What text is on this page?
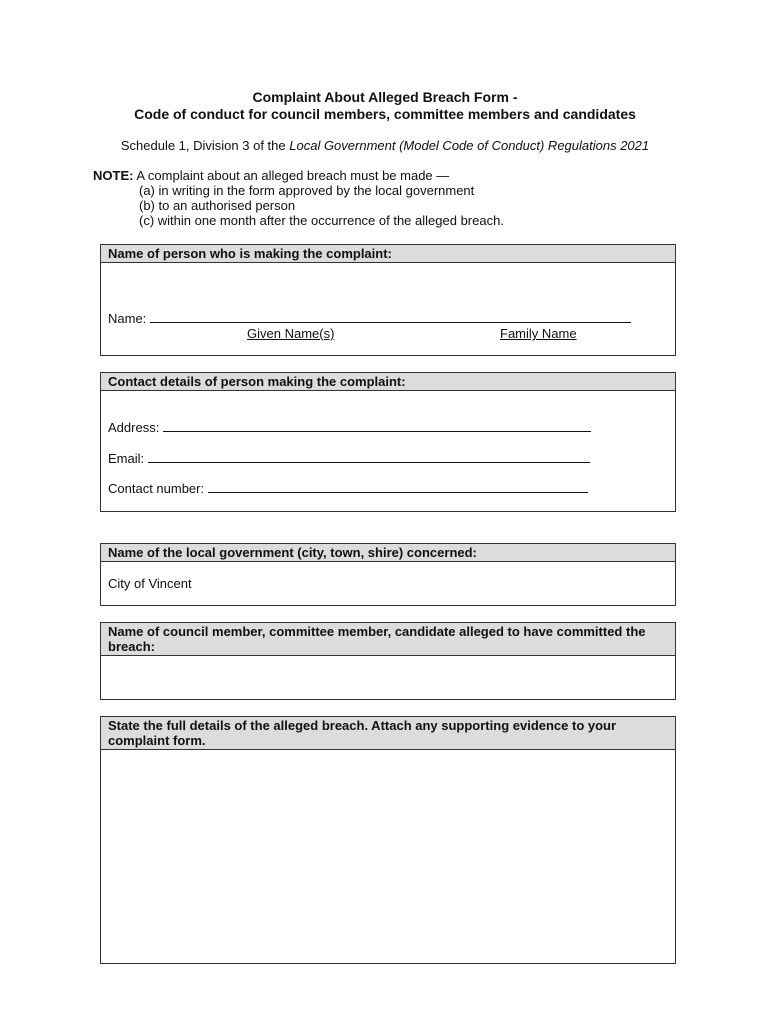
Complaint About Alleged Breach Form -
Code of conduct for council members, committee members and candidates
Schedule 1, Division 3 of the Local Government (Model Code of Conduct) Regulations 2021
NOTE: A complaint about an alleged breach must be made —
(a) in writing in the form approved by the local government
(b) to an authorised person
(c) within one month after the occurrence of the alleged breach.
Name of person who is making the complaint:
Name:
Given Name(s)	Family Name
Contact details of person making the complaint:
Address:
Email:
Contact number:
Name of the local government (city, town, shire) concerned:
City of Vincent
Name of council member, committee member, candidate alleged to have committed the breach:
State the full details of the alleged breach. Attach any supporting evidence to your complaint form.
